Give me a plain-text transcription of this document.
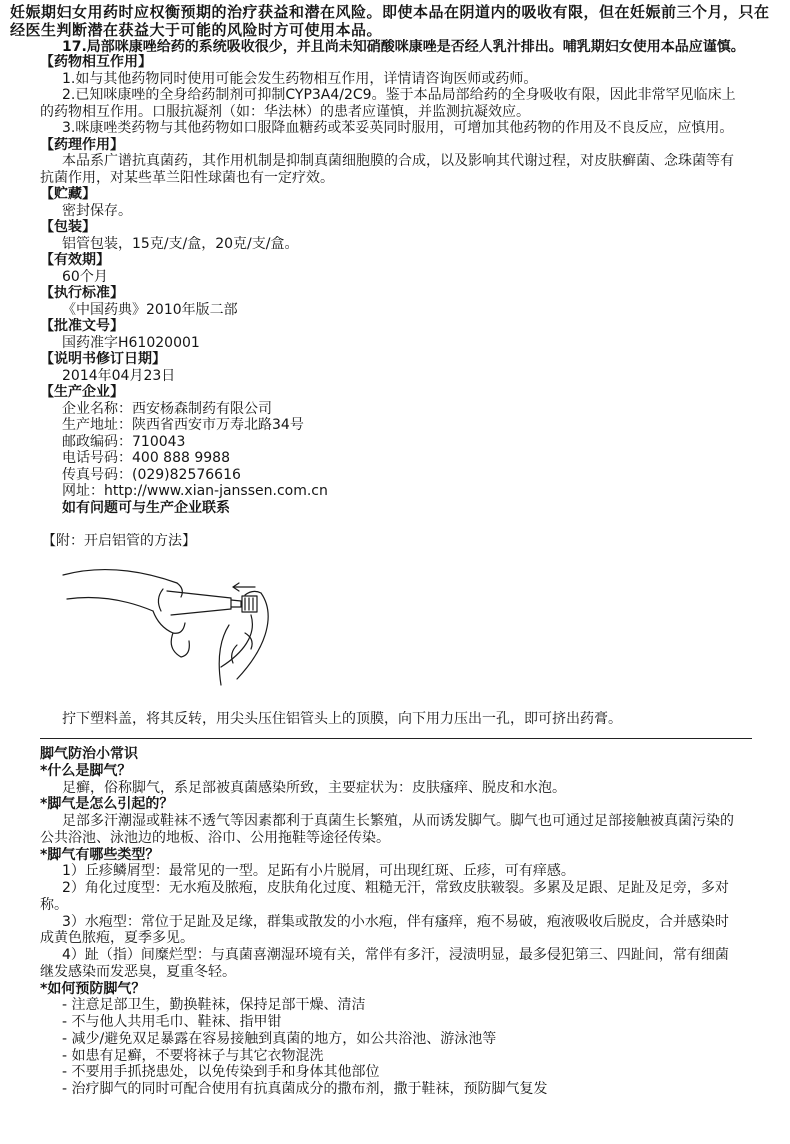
妊娠期妇女用药时应权衡预期的治疗获益和潜在风险。即使本品在阴道内的吸收有限，但在妊娠前三个月，只在
经医生判断潜在获益大于可能的风险时方可使用本品。
17.局部咪康唑给药的系统吸收很少，并且尚未知硝酸咪康唑是否经人乳汁排出。哺乳期妇女使用本品应谨慎。
【药物相互作用】
1.如与其他药物同时使用可能会发生药物相互作用，详情请咨询医师或药师。
2.已知咪康唑的全身给药制剂可抑制CYP3A4/2C9。鉴于本品局部给药的全身吸收有限，因此非常罕见临床上
的药物相互作用。口服抗凝剂（如：华法林）的患者应谨慎，并监测抗凝效应。
3.咪康唑类药物与其他药物如口服降血糖药或苯妥英同时服用，可增加其他药物的作用及不良反应，应慎用。
【药理作用】
本品系广谱抗真菌药，其作用机制是抑制真菌细胞膜的合成，以及影响其代谢过程，对皮肤癣菌、念珠菌等有
抗菌作用，对某些革兰阳性球菌也有一定疗效。
【贮藏】
密封保存。
【包装】
铝管包装，15克/支/盒，20克/支/盒。
【有效期】
60个月
【执行标准】
《中国药典》2010年版二部
【批准文号】
国药准字H61020001
【说明书修订日期】
2014年04月23日
【生产企业】
企业名称：西安杨森制药有限公司
生产地址：陕西省西安市万寿北路34号
邮政编码：710043
电话号码：400 888 9988
传真号码：(029)82576616
网址：http://www.xian-janssen.com.cn
如有问题可与生产企业联系
【附：开启铝管的方法】
拧下塑料盖，将其反转，用尖头压住铝管头上的顶膜，向下用力压出一孔，即可挤出药膏。
脚气防治小常识
*什么是脚气？
足癣，俗称脚气，系足部被真菌感染所致，主要症状为：皮肤瘙痒、脱皮和水泡。
*脚气是怎么引起的？
足部多汗潮湿或鞋袜不透气等因素都利于真菌生长繁殖，从而诱发脚气。脚气也可通过足部接触被真菌污染的
公共浴池、泳池边的地板、浴巾、公用拖鞋等途径传染。
*脚气有哪些类型？
1）丘疹鳞屑型：最常见的一型。足跖有小片脱屑，可出现红斑、丘疹，可有痒感。
2）角化过度型：无水疱及脓疱，皮肤角化过度、粗糙无汗，常致皮肤皲裂。多累及足跟、足趾及足旁，多对
称。
3）水疱型：常位于足趾及足缘，群集或散发的小水疱，伴有瘙痒，疱不易破，疱液吸收后脱皮，合并感染时
成黄色脓疱，夏季多见。
4）趾（指）间糜烂型：与真菌喜潮湿环境有关，常伴有多汗，浸渍明显，最多侵犯第三、四趾间，常有细菌
继发感染而发恶臭，夏重冬轻。
*如何预防脚气？
- 注意足部卫生，勤换鞋袜，保持足部干燥、清洁
- 不与他人共用毛巾、鞋袜、指甲钳
- 减少/避免双足暴露在容易接触到真菌的地方，如公共浴池、游泳池等
- 如患有足癣，不要将袜子与其它衣物混洗
- 不要用手抓挠患处，以免传染到手和身体其他部位
- 治疗脚气的同时可配合使用有抗真菌成分的撒布剂，撒于鞋袜，预防脚气复发
